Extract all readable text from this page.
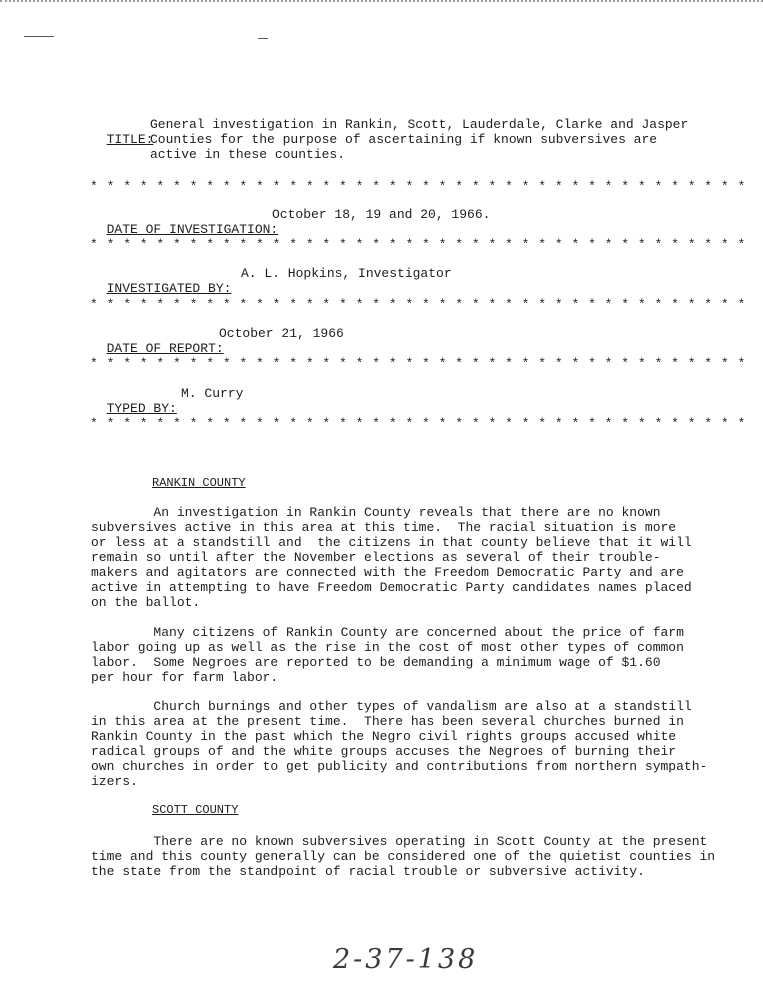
TITLE:

General investigation in Rankin, Scott, Lauderdale, Clarke and Jasper
Counties for the purpose of ascertaining if known subversives are
active in these counties.
* * * * * * * * * * * * * * * * * * * * * * * * * * * * * * * * * * * * * * * *

DATE OF INVESTIGATION:

October 18, 19 and 20, 1966.
* * * * * * * * * * * * * * * * * * * * * * * * * * * * * * * * * * * * * * * *

INVESTIGATED BY:

A. L. Hopkins, Investigator
* * * * * * * * * * * * * * * * * * * * * * * * * * * * * * * * * * * * * * * *

DATE OF REPORT:

October 21, 1966
* * * * * * * * * * * * * * * * * * * * * * * * * * * * * * * * * * * * * * * *

TYPED BY:

M. Curry
* * * * * * * * * * * * * * * * * * * * * * * * * * * * * * * * * * * * * * * *
RANKIN COUNTY

An investigation in Rankin County reveals that there are no known

subversives active in this area at this time.  The racial situation is more

or less at a standstill and  the citizens in that county believe that it will

remain so until after the November elections as several of their trouble-

makers and agitators are connected with the Freedom Democratic Party and are

active in attempting to have Freedom Democratic Party candidates names placed

on the ballot.

Many citizens of Rankin County are concerned about the price of farm

labor going up as well as the rise in the cost of most other types of common

labor.  Some Negroes are reported to be demanding a minimum wage of $1.60

per hour for farm labor.

Church burnings and other types of vandalism are also at a standstill

in this area at the present time.  There has been several churches burned in

Rankin County in the past which the Negro civil rights groups accused white

radical groups of and the white groups accuses the Negroes of burning their

own churches in order to get publicity and contributions from northern sympath-

izers.

SCOTT COUNTY

There are no known subversives operating in Scott County at the present

time and this county generally can be considered one of the quietist counties in

the state from the standpoint of racial trouble or subversive activity.

2-37-138
